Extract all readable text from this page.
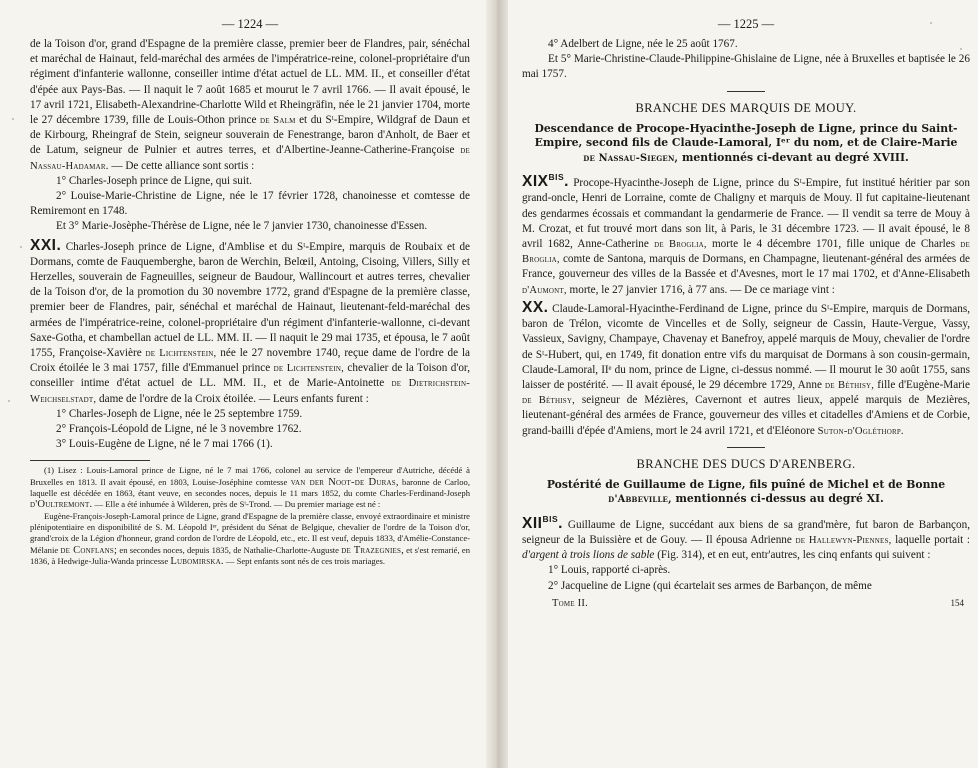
— 1224 —

de la Toison d'or, grand d'Espagne de la première classe, premier beer de Flandres, pair, sénéchal et maréchal de Hainaut, feld-maréchal des armées de l'impératrice-reine, colonel-propriétaire d'un régiment d'infanterie wallonne, conseiller intime d'état actuel de LL. MM. II., et conseiller d'état d'épée aux Pays-Bas. — Il naquit le 7 août 1685 et mourut le 7 avril 1766. — Il avait épousé, le 17 avril 1721, Elisabeth-Alexandrine-Charlotte Wild et Rheingräfin, née le 21 janvier 1704, morte le 27 décembre 1739, fille de Louis-Othon prince de Salm et du Sᵗ-Empire, Wildgraf de Daun et de Kirbourg, Rheingraf de Stein, seigneur souverain de Fenestrange, baron d'Anholt, de Baer et de Latum, seigneur de Pulnier et autres terres, et d'Albertine-Jeanne-Catherine-Françoise de Nassau-Hadamar. — De cette alliance sont sortis :

1° Charles-Joseph prince de Ligne, qui suit.

2° Louise-Marie-Christine de Ligne, née le 17 février 1728, chanoinesse et comtesse de Remiremont en 1748.

Et 3° Marie-Josèphe-Thérèse de Ligne, née le 7 janvier 1730, chanoinesse d'Essen.

XXI. Charles-Joseph prince de Ligne, d'Amblise et du Sᵗ-Empire, marquis de Roubaix et de Dormans, comte de Fauquemberghe, baron de Werchin, Belœil, Antoing, Cisoing, Villers, Silly et Herzelles, souverain de Fagneuilles, seigneur de Baudour, Wallincourt et autres terres, chevalier de la Toison d'or, de la promotion du 30 novembre 1772, grand d'Espagne de la première classe, premier beer de Flandres, pair, sénéchal et maréchal de Hainaut, lieutenant-feld-maréchal des armées de l'impératrice-reine, colonel-propriétaire d'un régiment d'infanterie-wallonne, ci-devant Saxe-Gotha, et chambellan actuel de LL. MM. II. — Il naquit le 29 mai 1735, et épousa, le 7 août 1755, Françoise-Xavière de Lichtenstein, née le 27 novembre 1740, reçue dame de l'ordre de la Croix étoilée le 3 mai 1757, fille d'Emmanuel prince de Lichtenstein, chevalier de la Toison d'or, conseiller intime d'état actuel de LL. MM. II., et de Marie-Antoinette de Dietrichstein-Weichselstadt, dame de l'ordre de la Croix étoilée. — Leurs enfants furent :

1° Charles-Joseph de Ligne, née le 25 septembre 1759.

2° François-Léopold de Ligne, né le 3 novembre 1762.

3° Louis-Eugène de Ligne, né le 7 mai 1766 (1).

(1) Lisez : Louis-Lamoral prince de Ligne, né le 7 mai 1766, colonel au service de l'empereur d'Autriche, décédé à Bruxelles en 1813. Il avait épousé, en 1803, Louise-Joséphine comtesse van der Noot-de Duras, baronne de Carloo, laquelle est décédée en 1863, étant veuve, en secondes noces, depuis le 11 mars 1852, du comte Charles-Ferdinand-Joseph d'Oultremont. — Elle a été inhumée à Wilderen, près de Sᵗ-Trond. — Du premier mariage est né :

Eugène-François-Joseph-Lamoral prince de Ligne, grand d'Espagne de la première classe, envoyé extraordinaire et ministre plénipotentiaire en disponibilité de S. M. Léopold Iᵉʳ, président du Sénat de Belgique, chevalier de l'ordre de la Toison d'or, grand'croix de la Légion d'honneur, grand cordon de l'ordre de Léopold, etc., etc. Il est veuf, depuis 1833, d'Amélie-Constance-Mélanie de Conflans; en secondes noces, depuis 1835, de Nathalie-Charlotte-Auguste de Trazegnies, et s'est remarié, en 1836, à Hedwige-Julia-Wanda princesse Lubomirska. — Sept enfants sont nés de ces trois mariages.

— 1225 —

4° Adelbert de Ligne, née le 25 août 1767.

Et 5° Marie-Christine-Claude-Philippine-Ghislaine de Ligne, née à Bruxelles et baptisée le 26 mai 1757.

BRANCHE DES MARQUIS DE MOUY.
Descendance de Procope-Hyacinthe-Joseph de Ligne, prince du Saint-Empire, second fils de Claude-Lamoral, Iᵉʳ du nom, et de Claire-Marie de Nassau-Siegen, mentionnés ci-devant au degré XVIII.

$XIX^{BIS}$. Procope-Hyacinthe-Joseph de Ligne, prince du Sᵗ-Empire, fut institué héritier par son grand-oncle, Henri de Lorraine, comte de Chaligny et marquis de Mouy. Il fut capitaine-lieutenant des gendarmes écossais et commandant la gendarmerie de France. — Il vendit sa terre de Mouy à M. Crozat, et fut trouvé mort dans son lit, à Paris, le 31 décembre 1723. — Il avait épousé, le 8 avril 1682, Anne-Catherine de Broglia, morte le 4 décembre 1701, fille unique de Charles de Broglia, comte de Santona, marquis de Dormans, en Champagne, lieutenant-général des armées de France, gouverneur des villes de la Bassée et d'Avesnes, mort le 17 mai 1702, et d'Anne-Elisabeth d'Aumont, morte, le 27 janvier 1716, à 77 ans. — De ce mariage vint :

XX. Claude-Lamoral-Hyacinthe-Ferdinand de Ligne, prince du Sᵗ-Empire, marquis de Dormans, baron de Trélon, vicomte de Vincelles et de Solly, seigneur de Cassin, Haute-Vergue, Vassy, Vassieux, Savigny, Champaye, Chavenay et Banefroy, appelé marquis de Mouy, chevalier de l'ordre de Sᵗ-Hubert, qui, en 1749, fit donation entre vifs du marquisat de Dormans à son cousin-germain, Claude-Lamoral, IIᵉ du nom, prince de Ligne, ci-dessus nommé. — Il mourut le 30 août 1755, sans laisser de postérité. — Il avait épousé, le 29 décembre 1729, Anne de Béthisy, fille d'Eugène-Marie de Béthisy, seigneur de Mézières, Cavernont et autres lieux, appelé marquis de Mezières, lieutenant-général des armées de France, gouverneur des villes et citadelles d'Amiens et de Corbie, grand-bailli d'épée d'Amiens, mort le 24 avril 1721, et d'Eléonore Suton-d'Ogléthorp.

BRANCHE DES DUCS D'ARENBERG.
Postérité de Guillaume de Ligne, fils puîné de Michel et de Bonne d'Abbeville, mentionnés ci-dessus au degré XI.

$XII^{BIS}$. Guillaume de Ligne, succédant aux biens de sa grand'mère, fut baron de Barbançon, seigneur de la Buissière et de Gouy. — Il épousa Adrienne de Hallewyn-Piennes, laquelle portait : d'argent à trois lions de sable (Fig. 314), et en eut, entr'autres, les cinq enfants qui suivent :

1° Louis, rapporté ci-après.

2° Jacqueline de Ligne (qui écartelait ses armes de Barbançon, de même

Tome II.	154
